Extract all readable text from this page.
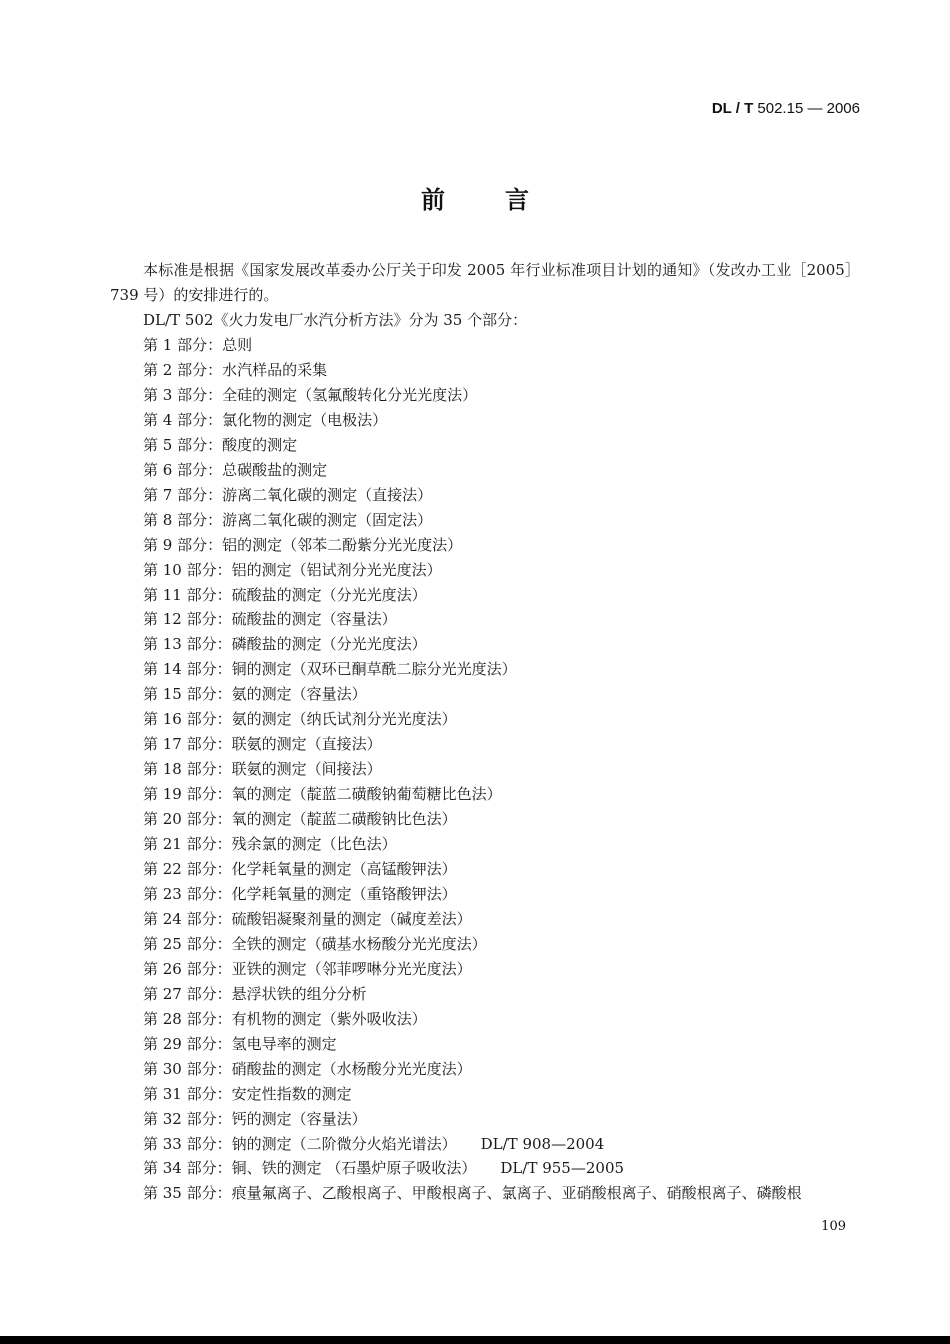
DL / T 502.15 — 2006
前言

本标准是根据《国家发展改革委办公厅关于印发 2005 年行业标准项目计划的通知》（发改办工业［2005］739 号）的安排进行的。

DL/T 502《火力发电厂水汽分析方法》分为 35 个部分：

第 1 部分：总则
第 2 部分：水汽样品的采集
第 3 部分：全硅的测定（氢氟酸转化分光光度法）
第 4 部分：氯化物的测定（电极法）
第 5 部分：酸度的测定
第 6 部分：总碳酸盐的测定
第 7 部分：游离二氧化碳的测定（直接法）
第 8 部分：游离二氧化碳的测定（固定法）
第 9 部分：铝的测定（邻苯二酚紫分光光度法）
第 10 部分：铝的测定（铝试剂分光光度法）
第 11 部分：硫酸盐的测定（分光光度法）
第 12 部分：硫酸盐的测定（容量法）
第 13 部分：磷酸盐的测定（分光光度法）
第 14 部分：铜的测定（双环已酮草酰二腙分光光度法）
第 15 部分：氨的测定（容量法）
第 16 部分：氨的测定（纳氏试剂分光光度法）
第 17 部分：联氨的测定（直接法）
第 18 部分：联氨的测定（间接法）
第 19 部分：氧的测定（靛蓝二磺酸钠葡萄糖比色法）
第 20 部分：氧的测定（靛蓝二磺酸钠比色法）
第 21 部分：残余氯的测定（比色法）
第 22 部分：化学耗氧量的测定（高锰酸钾法）
第 23 部分：化学耗氧量的测定（重铬酸钾法）
第 24 部分：硫酸铝凝聚剂量的测定（碱度差法）
第 25 部分：全铁的测定（磺基水杨酸分光光度法）
第 26 部分：亚铁的测定（邻菲啰啉分光光度法）
第 27 部分：悬浮状铁的组分分析
第 28 部分：有机物的测定（紫外吸收法）
第 29 部分：氢电导率的测定
第 30 部分：硝酸盐的测定（水杨酸分光光度法）
第 31 部分：安定性指数的测定
第 32 部分：钙的测定（容量法）
第 33 部分：钠的测定（二阶微分火焰光谱法） DL/T 908—2004
第 34 部分：铜、铁的测定 （石墨炉原子吸收法） DL/T 955—2005
第 35 部分：痕量氟离子、乙酸根离子、甲酸根离子、氯离子、亚硝酸根离子、硝酸根离子、磷酸根
109
